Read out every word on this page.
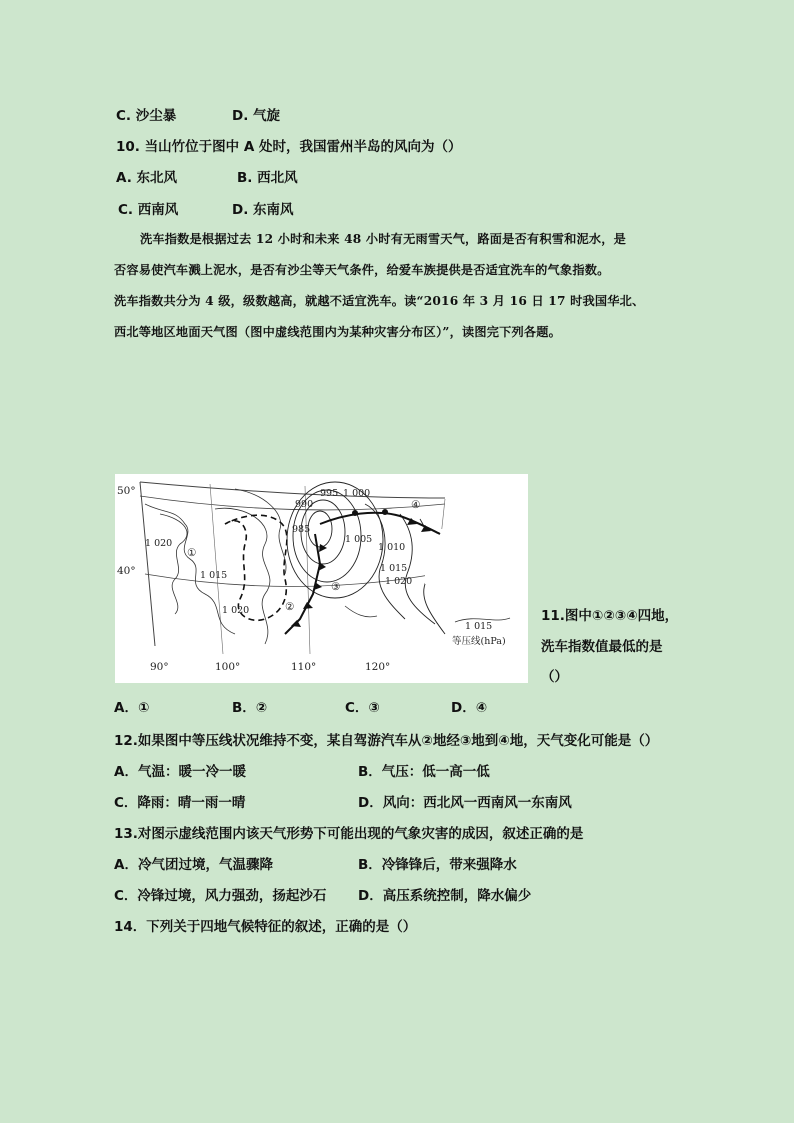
C. 沙尘暴	D. 气旋
10. 当山竹位于图中 A 处时，我国雷州半岛的风向为（）
A. 东北风	B. 西北风
C. 西南风	D. 东南风
洗车指数是根据过去 12 小时和未来 48 小时有无雨雪天气，路面是否有积雪和泥水，是
否容易使汽车溅上泥水，是否有沙尘等天气条件，给爱车族提供是否适宜洗车的气象指数。
洗车指数共分为 4 级，级数越高，就越不适宜洗车。读“2016 年 3 月 16 日 17 时我国华北、
西北等地区地面天气图（图中虚线范围内为某种灾害分布区）”，读图完下列各题。
50°
40°
90°	100°	110°	120°
990
995 1 000
985
1 005
1 010
1 015
1 020
1 020
1 015
1 020
①
②
③
④
1 015
等压线(hPa)
11.图中①②③④四地，
洗车指数值最低的是
（）
A．①	B．②	C．③	D．④
12.如果图中等压线状况维持不变，某自驾游汽车从②地经③地到④地，天气变化可能是（）
A．气温：暖一冷一暖	B．气压：低一高一低
C．降雨：晴一雨一晴	D．风向：西北风一西南风一东南风
13.对图示虚线范围内该天气形势下可能出现的气象灾害的成因，叙述正确的是
A．冷气团过境，气温骤降	B．冷锋锋后，带来强降水
C．冷锋过境，风力强劲，扬起沙石 D．高压系统控制，降水偏少
14．下列关于四地气候特征的叙述，正确的是（）
